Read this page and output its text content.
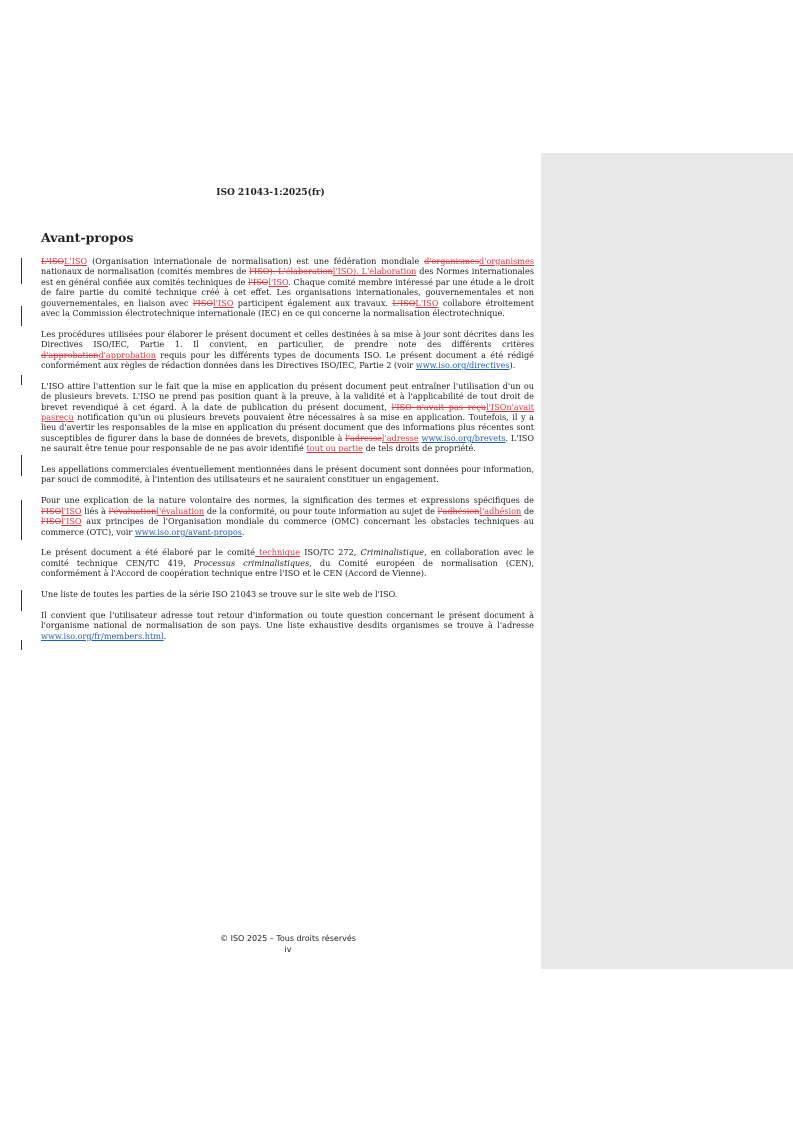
ISO 21043-1:2025(fr)
Avant-propos

L'ISOL'ISO (Organisation internationale de normalisation) est une fédération mondiale d'organismesd'organismes nationaux de normalisation (comités membres de l'ISO). L'élaborationl'ISO). L'élaboration des Normes internationales est en général confiée aux comités techniques de l'ISOl'ISO. Chaque comité membre intéressé par une étude a le droit de faire partie du comité technique créé à cet effet. Les organisations internationales, gouvernementales et non gouvernementales, en liaison avec l'ISOl'ISO participent également aux travaux. L'ISOL'ISO collabore étroitement avec la Commission électrotechnique internationale (IEC) en ce qui concerne la normalisation électrotechnique.

Les procédures utilisées pour élaborer le présent document et celles destinées à sa mise à jour sont décrites dans les Directives ISO/IEC, Partie 1. Il convient, en particulier, de prendre note des différents critères d'approbationd'approbation requis pour les différents types de documents ISO. Le présent document a été rédigé conformément aux règles de rédaction données dans les Directives ISO/IEC, Partie 2 (voir www.iso.org/directives).

L'ISO attire l'attention sur le fait que la mise en application du présent document peut entraîner l'utilisation d'un ou de plusieurs brevets. L'ISO ne prend pas position quant à la preuve, à la validité et à l'applicabilité de tout droit de brevet revendiqué à cet égard. À la date de publication du présent document, l'ISO n'avait pas reçul'ISOn'avait pasreçu notification qu'un ou plusieurs brevets pouvaient être nécessaires à sa mise en application. Toutefois, il y a lieu d'avertir les responsables de la mise en application du présent document que des informations plus récentes sont susceptibles de figurer dans la base de données de brevets, disponible à l'adressel'adresse www.iso.org/brevets. L'ISO ne saurait être tenue pour responsable de ne pas avoir identifié tout ou partie de tels droits de propriété.

Les appellations commerciales éventuellement mentionnées dans le présent document sont données pour information, par souci de commodité, à l'intention des utilisateurs et ne sauraient constituer un engagement.

Pour une explication de la nature volontaire des normes, la signification des termes et expressions spécifiques de l'ISOl'ISO liés à l'évaluationl'évaluation de la conformité, ou pour toute information au sujet de l'adhésionl'adhésion de l'ISOl'ISO aux principes de l'Organisation mondiale du commerce (OMC) concernant les obstacles techniques au commerce (OTC), voir www.iso.org/avant-propos.

Le présent document a été élaboré par le comité technique ISO/TC 272, Criminalistique, en collaboration avec le comité technique CEN/TC 419, Processus criminalistiques, du Comité européen de normalisation (CEN), conformément à l'Accord de coopération technique entre l'ISO et le CEN (Accord de Vienne).

Une liste de toutes les parties de la série ISO 21043 se trouve sur le site web de l'ISO.

Il convient que l'utilisateur adresse tout retour d'information ou toute question concernant le présent document à l'organisme national de normalisation de son pays. Une liste exhaustive desdits organismes se trouve à l'adresse www.iso.org/fr/members.html.

© ISO 2025 – Tous droits réservés
iv
